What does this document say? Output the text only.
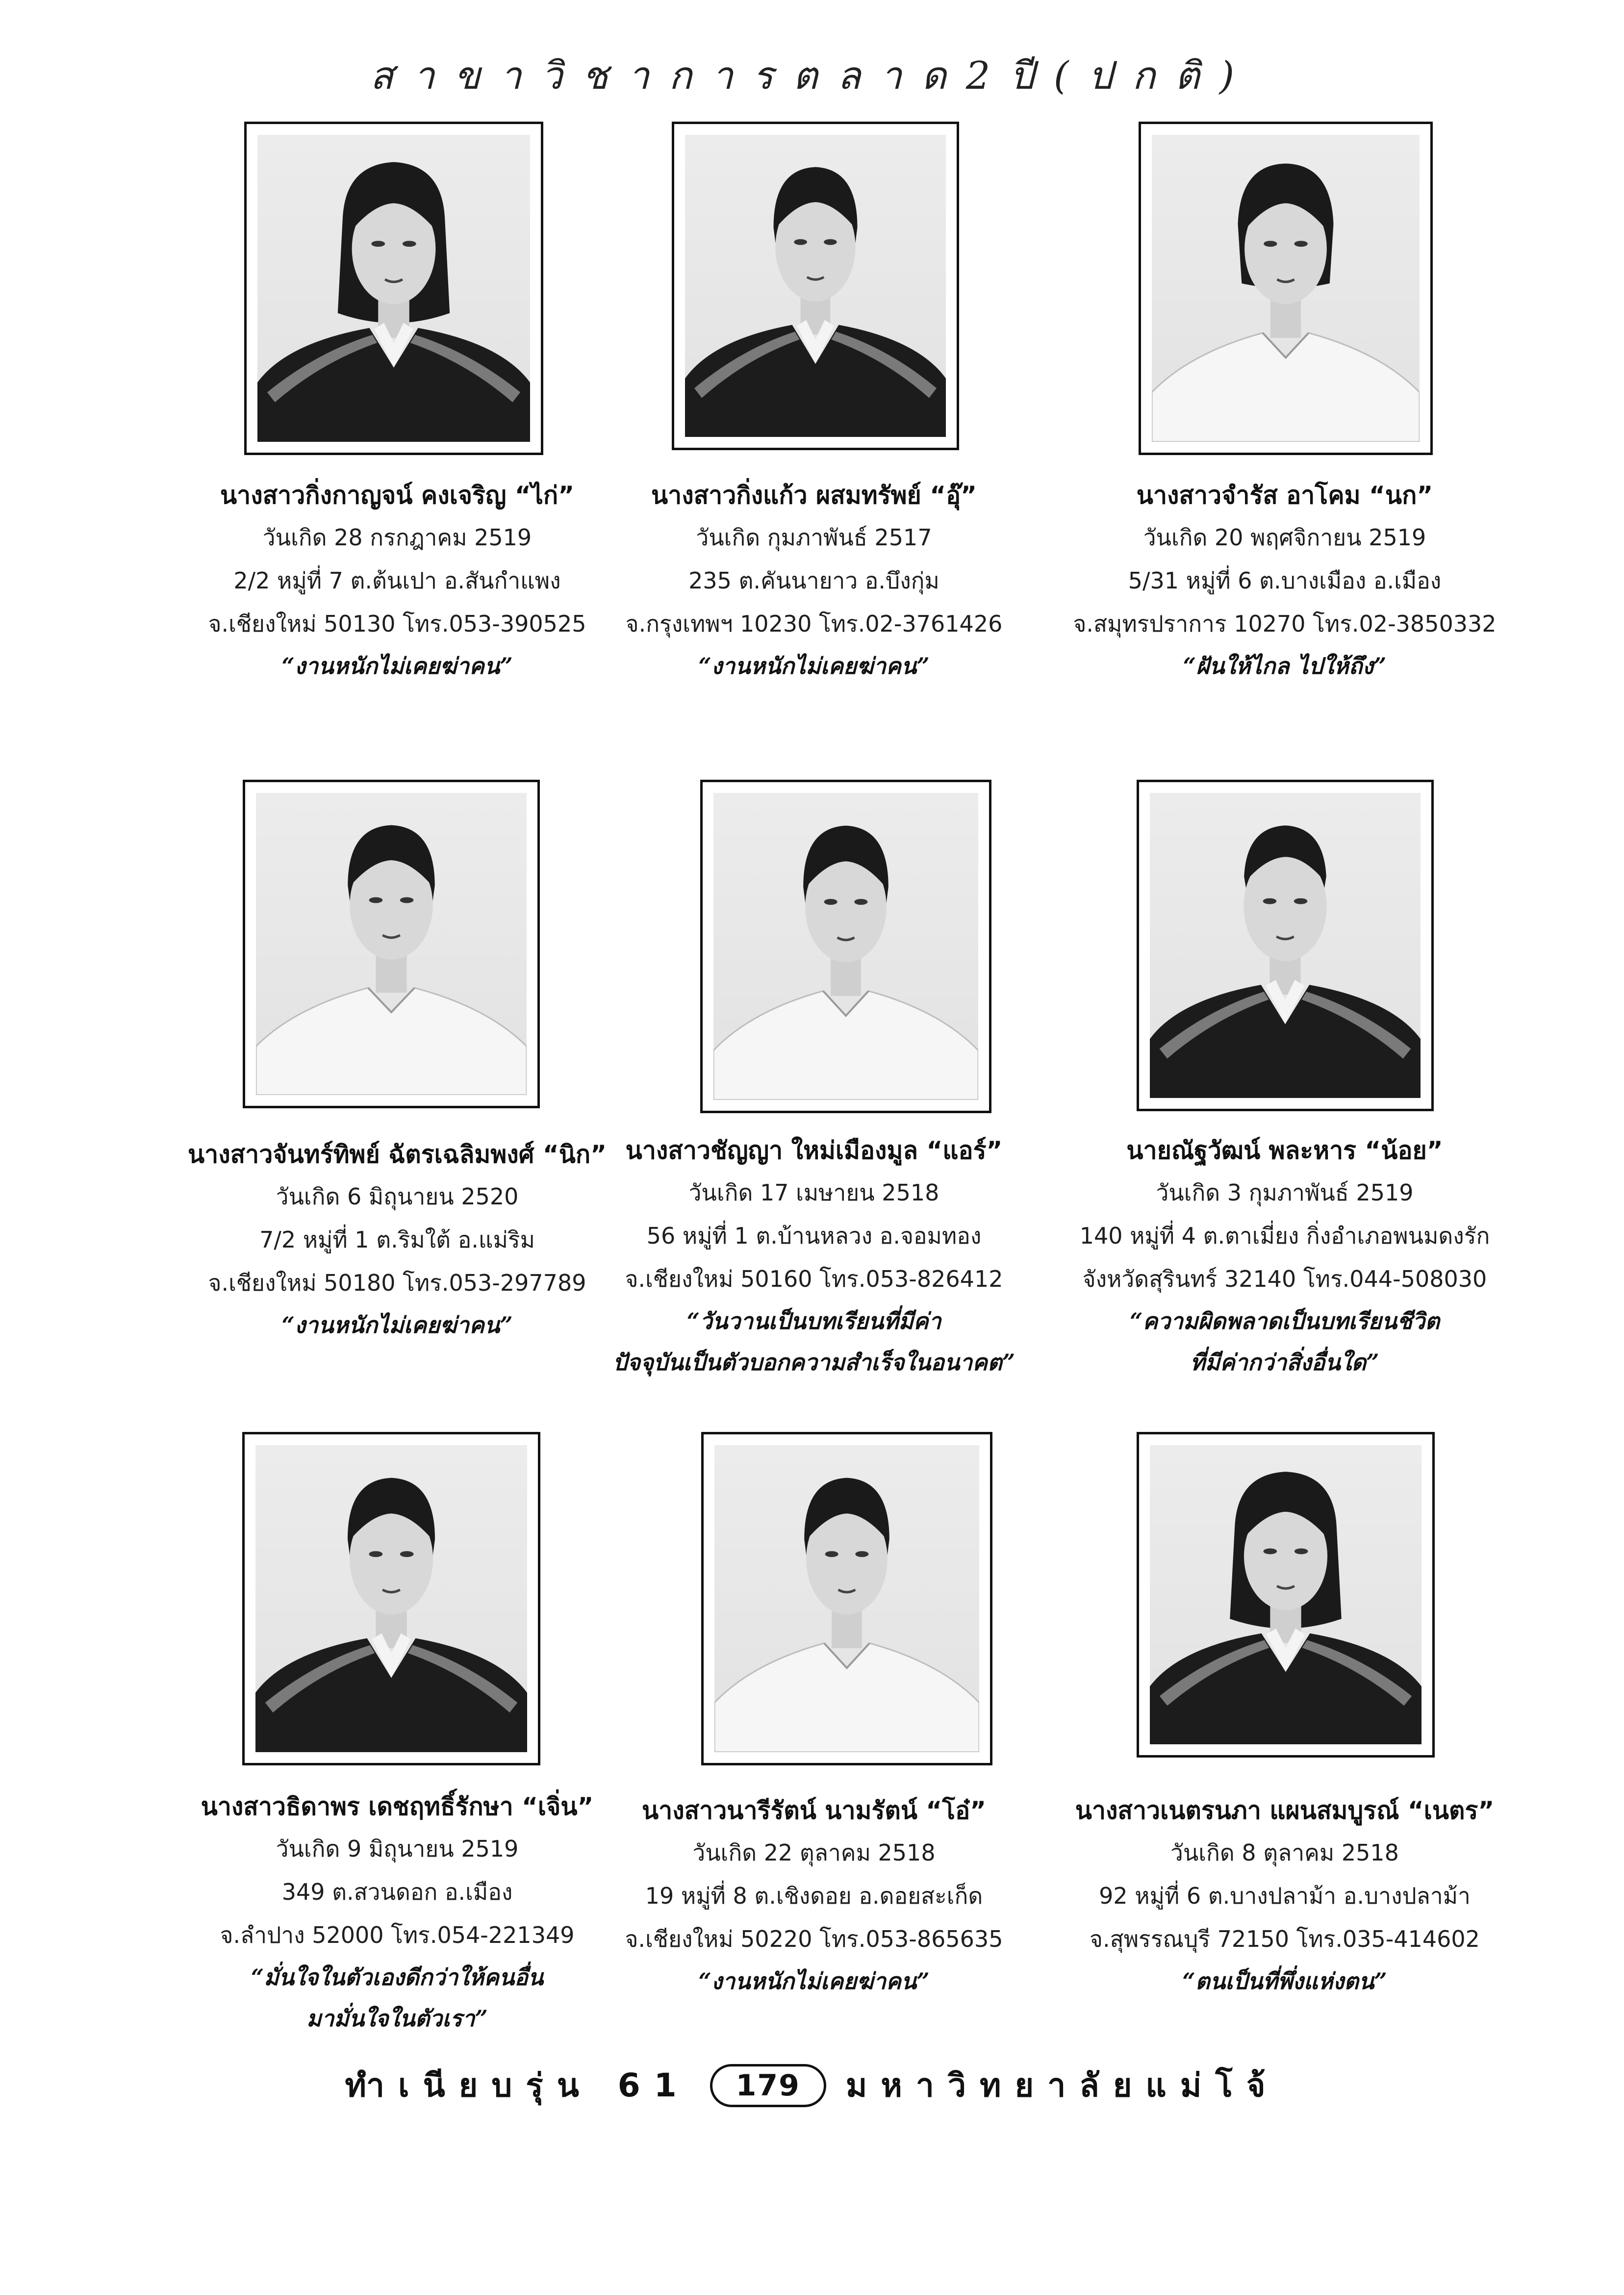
สาขาวิชาการตลาด2ปี(ปกติ)
นางสาวกิ่งกาญจน์ คงเจริญ “ไก่”
วันเกิด 28 กรกฎาคม 2519
2/2 หมู่ที่ 7 ต.ต้นเปา อ.สันกำแพง
จ.เชียงใหม่ 50130 โทร.053-390525
“งานหนักไม่เคยฆ่าคน”
นางสาวกิ่งแก้ว ผสมทรัพย์ “อุ๊”
วันเกิด กุมภาพันธ์ 2517
235 ต.คันนายาว อ.บึงกุ่ม
จ.กรุงเทพฯ 10230 โทร.02-3761426
“งานหนักไม่เคยฆ่าคน”
นางสาวจำรัส อาโคม “นก”
วันเกิด 20 พฤศจิกายน 2519
5/31 หมู่ที่ 6 ต.บางเมือง อ.เมือง
จ.สมุทรปราการ 10270 โทร.02-3850332
“ฝันให้ไกล ไปให้ถึง”
นางสาวจันทร์ทิพย์ ฉัตรเฉลิมพงศ์ “นิก”
วันเกิด 6 มิถุนายน 2520
7/2 หมู่ที่ 1 ต.ริมใต้ อ.แม่ริม
จ.เชียงใหม่ 50180 โทร.053-297789
“งานหนักไม่เคยฆ่าคน”
นางสาวชัญญา ใหม่เมืองมูล “แอร์”
วันเกิด 17 เมษายน 2518
56 หมู่ที่ 1 ต.บ้านหลวง อ.จอมทอง
จ.เชียงใหม่ 50160 โทร.053-826412
“วันวานเป็นบทเรียนที่มีค่า
ปัจจุบันเป็นตัวบอกความสำเร็จในอนาคต”
นายณัฐวัฒน์ พละหาร “น้อย”
วันเกิด 3 กุมภาพันธ์ 2519
140 หมู่ที่ 4 ต.ตาเมี่ยง กิ่งอำเภอพนมดงรัก
จังหวัดสุรินทร์ 32140 โทร.044-508030
“ความผิดพลาดเป็นบทเรียนชีวิต
ที่มีค่ากว่าสิ่งอื่นใด”
นางสาวธิดาพร เดชฤทธิ์รักษา “เจิ่น”
วันเกิด 9 มิถุนายน 2519
349 ต.สวนดอก อ.เมือง
จ.ลำปาง 52000 โทร.054-221349
“มั่นใจในตัวเองดีกว่าให้คนอื่น
มามั่นใจในตัวเรา”
นางสาวนารีรัตน์ นามรัตน์ “โอ๋”
วันเกิด 22 ตุลาคม 2518
19 หมู่ที่ 8 ต.เชิงดอย อ.ดอยสะเก็ด
จ.เชียงใหม่ 50220 โทร.053-865635
“งานหนักไม่เคยฆ่าคน”
นางสาวเนตรนภา แผนสมบูรณ์ “เนตร”
วันเกิด 8 ตุลาคม 2518
92 หมู่ที่ 6 ต.บางปลาม้า อ.บางปลาม้า
จ.สุพรรณบุรี 72150 โทร.035-414602
“ตนเป็นที่พึ่งแห่งตน”
ทำเนียบรุ่น 61	179	มหาวิทยาลัยแม่โจ้
